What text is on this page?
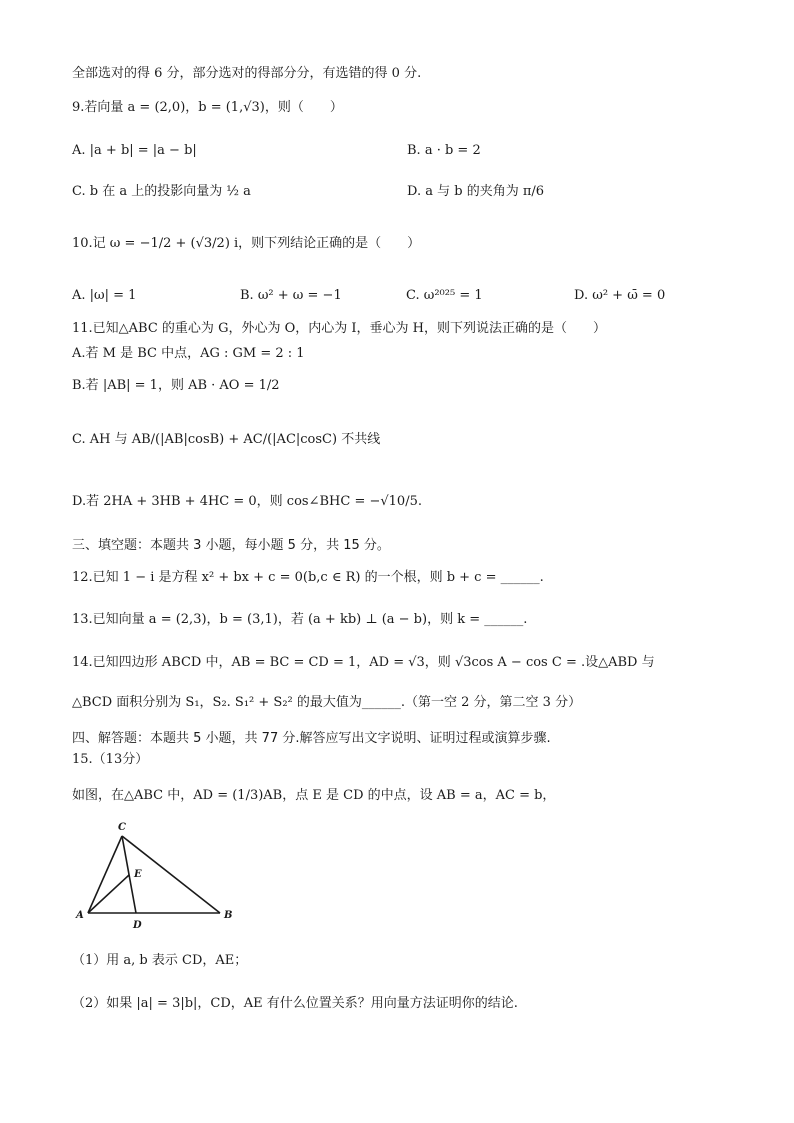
全部选对的得 6 分，部分选对的得部分分，有选错的得 0 分.
9.若向量 a = (2,0)，b = (1,√3)，则（　　）
A. |a + b| = |a − b|	B. a · b = 2
C. b 在 a 上的投影向量为 ½ a	D. a 与 b 的夹角为 π/6
10.记 ω = −1/2 + (√3/2) i，则下列结论正确的是（　　）
A. |ω| = 1	B. ω² + ω = −1	C. ω²⁰²⁵ = 1	D. ω² + ω̄ = 0
11.已知△ABC 的重心为 G，外心为 O，内心为 I，垂心为 H，则下列说法正确的是（　　）
A.若 M 是 BC 中点，AG : GM = 2 : 1
B.若 |AB| = 1，则 AB · AO = 1/2
C. AH 与 AB/(|AB|cosB) + AC/(|AC|cosC) 不共线
D.若 2HA + 3HB + 4HC = 0，则 cos∠BHC = −√10/5.
三、填空题：本题共 3 小题，每小题 5 分，共 15 分。
12.已知 1 − i 是方程 x² + bx + c = 0(b,c ∈ R) 的一个根，则 b + c = ______.
13.已知向量 a = (2,3)，b = (3,1)，若 (a + kb) ⊥ (a − b)，则 k = ______.
14.已知四边形 ABCD 中，AB = BC = CD = 1，AD = √3，则 √3cos A − cos C = .设△ABD 与
△BCD 面积分别为 S₁，S₂. S₁² + S₂² 的最大值为______.（第一空 2 分，第二空 3 分）
四、解答题：本题共 5 小题，共 77 分.解答应写出文字说明、证明过程或演算步骤.
15.（13分）
如图，在△ABC 中，AD = (1/3)AB，点 E 是 CD 的中点，设 AB = a，AC = b，
C
E
A
D
B
（1）用 a, b 表示 CD，AE；
（2）如果 |a| = 3|b|，CD，AE 有什么位置关系？用向量方法证明你的结论.
